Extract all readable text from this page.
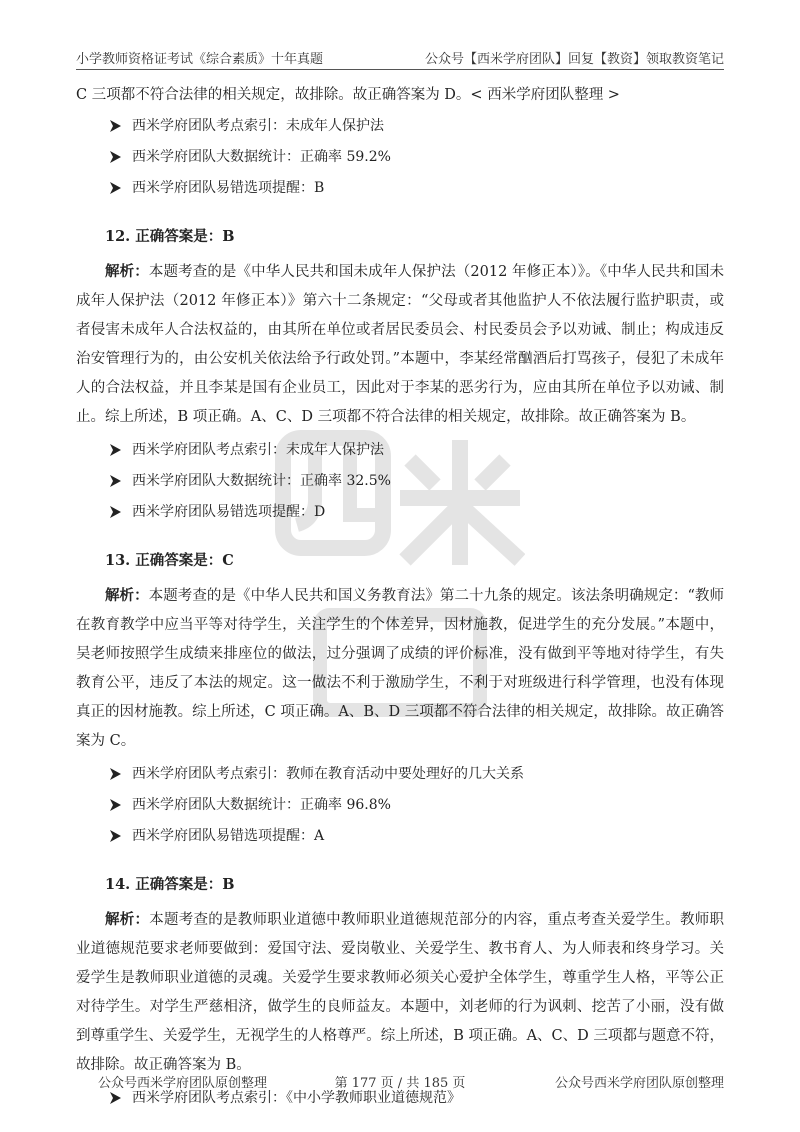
小学教师资格证考试《综合素质》十年真题	公众号【西米学府团队】回复【教资】领取教资笔记

C 三项都不符合法律的相关规定，故排除。故正确答案为 D。< 西米学府团队整理 >

西米学府团队考点索引：未成年人保护法
西米学府团队大数据统计：正确率 59.2%
西米学府团队易错选项提醒：B
12. 正确答案是：B

解析：本题考查的是《中华人民共和国未成年人保护法（2012 年修正本）》。《中华人民共和国未成年人保护法（2012 年修正本）》第六十二条规定：“父母或者其他监护人不依法履行监护职责，或者侵害未成年人合法权益的，由其所在单位或者居民委员会、村民委员会予以劝诫、制止；构成违反治安管理行为的，由公安机关依法给予行政处罚。”本题中，李某经常酗酒后打骂孩子，侵犯了未成年人的合法权益，并且李某是国有企业员工，因此对于李某的恶劣行为，应由其所在单位予以劝诫、制止。综上所述，B 项正确。A、C、D 三项都不符合法律的相关规定，故排除。故正确答案为 B。

西米学府团队考点索引：未成年人保护法
西米学府团队大数据统计：正确率 32.5%
西米学府团队易错选项提醒：D
13. 正确答案是：C

解析：本题考查的是《中华人民共和国义务教育法》第二十九条的规定。该法条明确规定：“教师在教育教学中应当平等对待学生，关注学生的个体差异，因材施教，促进学生的充分发展。”本题中，吴老师按照学生成绩来排座位的做法，过分强调了成绩的评价标准，没有做到平等地对待学生，有失教育公平，违反了本法的规定。这一做法不利于激励学生，不利于对班级进行科学管理，也没有体现真正的因材施教。综上所述，C 项正确。A、B、D 三项都不符合法律的相关规定，故排除。故正确答案为 C。

西米学府团队考点索引：教师在教育活动中要处理好的几大关系
西米学府团队大数据统计：正确率 96.8%
西米学府团队易错选项提醒：A
14. 正确答案是：B

解析：本题考查的是教师职业道德中教师职业道德规范部分的内容，重点考查关爱学生。教师职业道德规范要求老师要做到：爱国守法、爱岗敬业、关爱学生、教书育人、为人师表和终身学习。关爱学生是教师职业道德的灵魂。关爱学生要求教师必须关心爱护全体学生，尊重学生人格，平等公正对待学生。对学生严慈相济，做学生的良师益友。本题中，刘老师的行为讽刺、挖苦了小丽，没有做到尊重学生、关爱学生，无视学生的人格尊严。综上所述，B 项正确。A、C、D 三项都与题意不符，故排除。故正确答案为 B。

西米学府团队考点索引：《中小学教师职业道德规范》
公众号西米学府团队原创整理	第 177 页 / 共 185 页	公众号西米学府团队原创整理
